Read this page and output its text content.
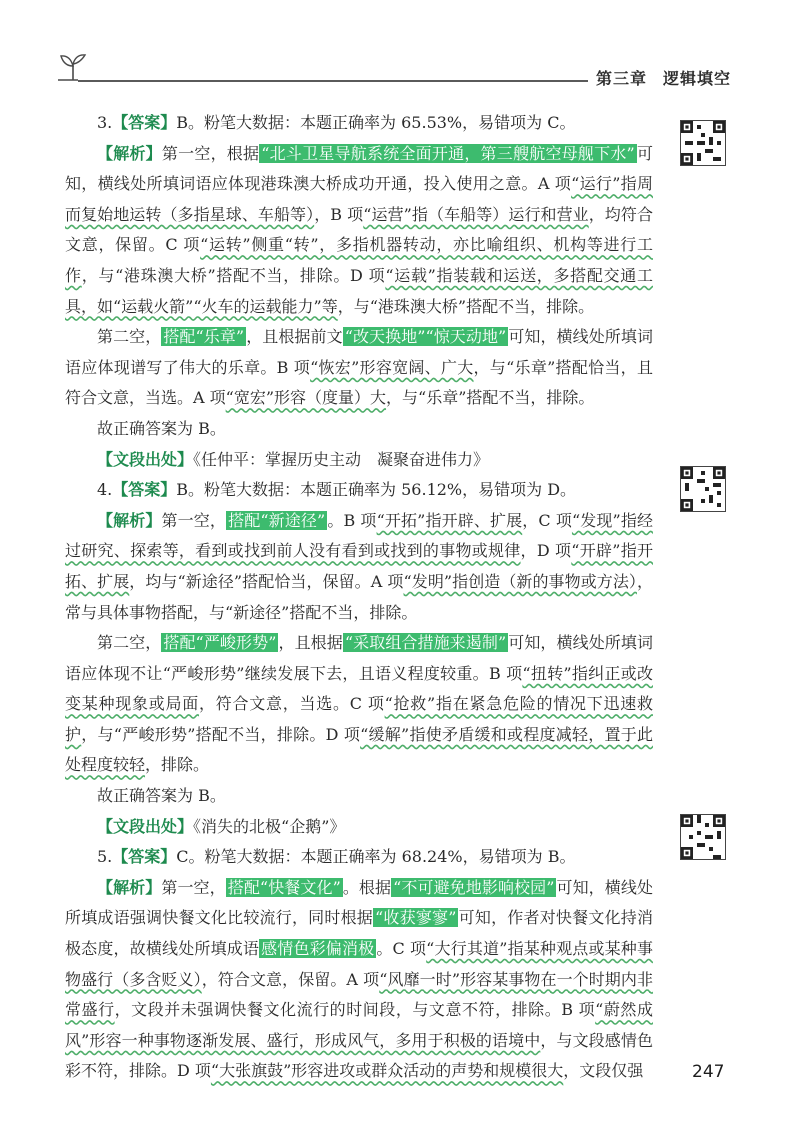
第三章 逻辑填空

3.【答案】B。粉笔大数据：本题正确率为 65.53%，易错项为 C。

【解析】第一空，根据 “北斗卫星导航系统全面开通，第三艘航空母舰下水” 可知，横线处所填词语应体现港珠澳大桥成功开通，投入使用之意。A 项“运行”指周而复始地运转（多指星球、车船等），B 项“运营”指（车船等）运行和营业，均符合文意，保留。C 项“运转”侧重“转”，多指机器转动，亦比喻组织、机构等进行工作，与“港珠澳大桥”搭配不当，排除。D 项“运载”指装载和运送，多搭配交通工具，如“运载火箭”“火车的运载能力”等，与“港珠澳大桥”搭配不当，排除。

第二空， 搭配“乐章” ，且根据前文 “改天换地”“惊天动地” 可知，横线处所填词语应体现谱写了伟大的乐章。B 项“恢宏”形容宽阔、广大，与“乐章”搭配恰当，且符合文意，当选。A 项“宽宏”形容（度量）大，与“乐章”搭配不当，排除。

故正确答案为 B。

【文段出处】《任仲平：掌握历史主动　凝聚奋进伟力》

4.【答案】B。粉笔大数据：本题正确率为 56.12%，易错项为 D。

【解析】第一空， 搭配“新途径” 。B 项“开拓”指开辟、扩展，C 项“发现”指经过研究、探索等，看到或找到前人没有看到或找到的事物或规律，D 项“开辟”指开拓、扩展，均与“新途径”搭配恰当，保留。A 项“发明”指创造（新的事物或方法），常与具体事物搭配，与“新途径”搭配不当，排除。

第二空， 搭配“严峻形势” ，且根据 “采取组合措施来遏制” 可知，横线处所填词语应体现不让“严峻形势”继续发展下去，且语义程度较重。B 项“扭转”指纠正或改变某种现象或局面，符合文意，当选。C 项“抢救”指在紧急危险的情况下迅速救护，与“严峻形势”搭配不当，排除。D 项“缓解”指使矛盾缓和或程度减轻，置于此处程度较轻，排除。

故正确答案为 B。

【文段出处】《消失的北极“企鹅”》

5.【答案】C。粉笔大数据：本题正确率为 68.24%，易错项为 B。

【解析】第一空， 搭配“快餐文化” 。根据 “不可避免地影响校园” 可知，横线处所填成语强调快餐文化比较流行，同时根据 “收获寥寥” 可知，作者对快餐文化持消极态度，故横线处所填成语 感情色彩偏消极 。C 项“大行其道”指某种观点或某种事物盛行（多含贬义），符合文意，保留。A 项“风靡一时”形容某事物在一个时期内非常盛行，文段并未强调快餐文化流行的时间段，与文意不符，排除。B 项“蔚然成风”形容一种事物逐渐发展、盛行，形成风气，多用于积极的语境中，与文段感情色彩不符，排除。D 项“大张旗鼓”形容进攻或群众活动的声势和规模很大，文段仅强	247
